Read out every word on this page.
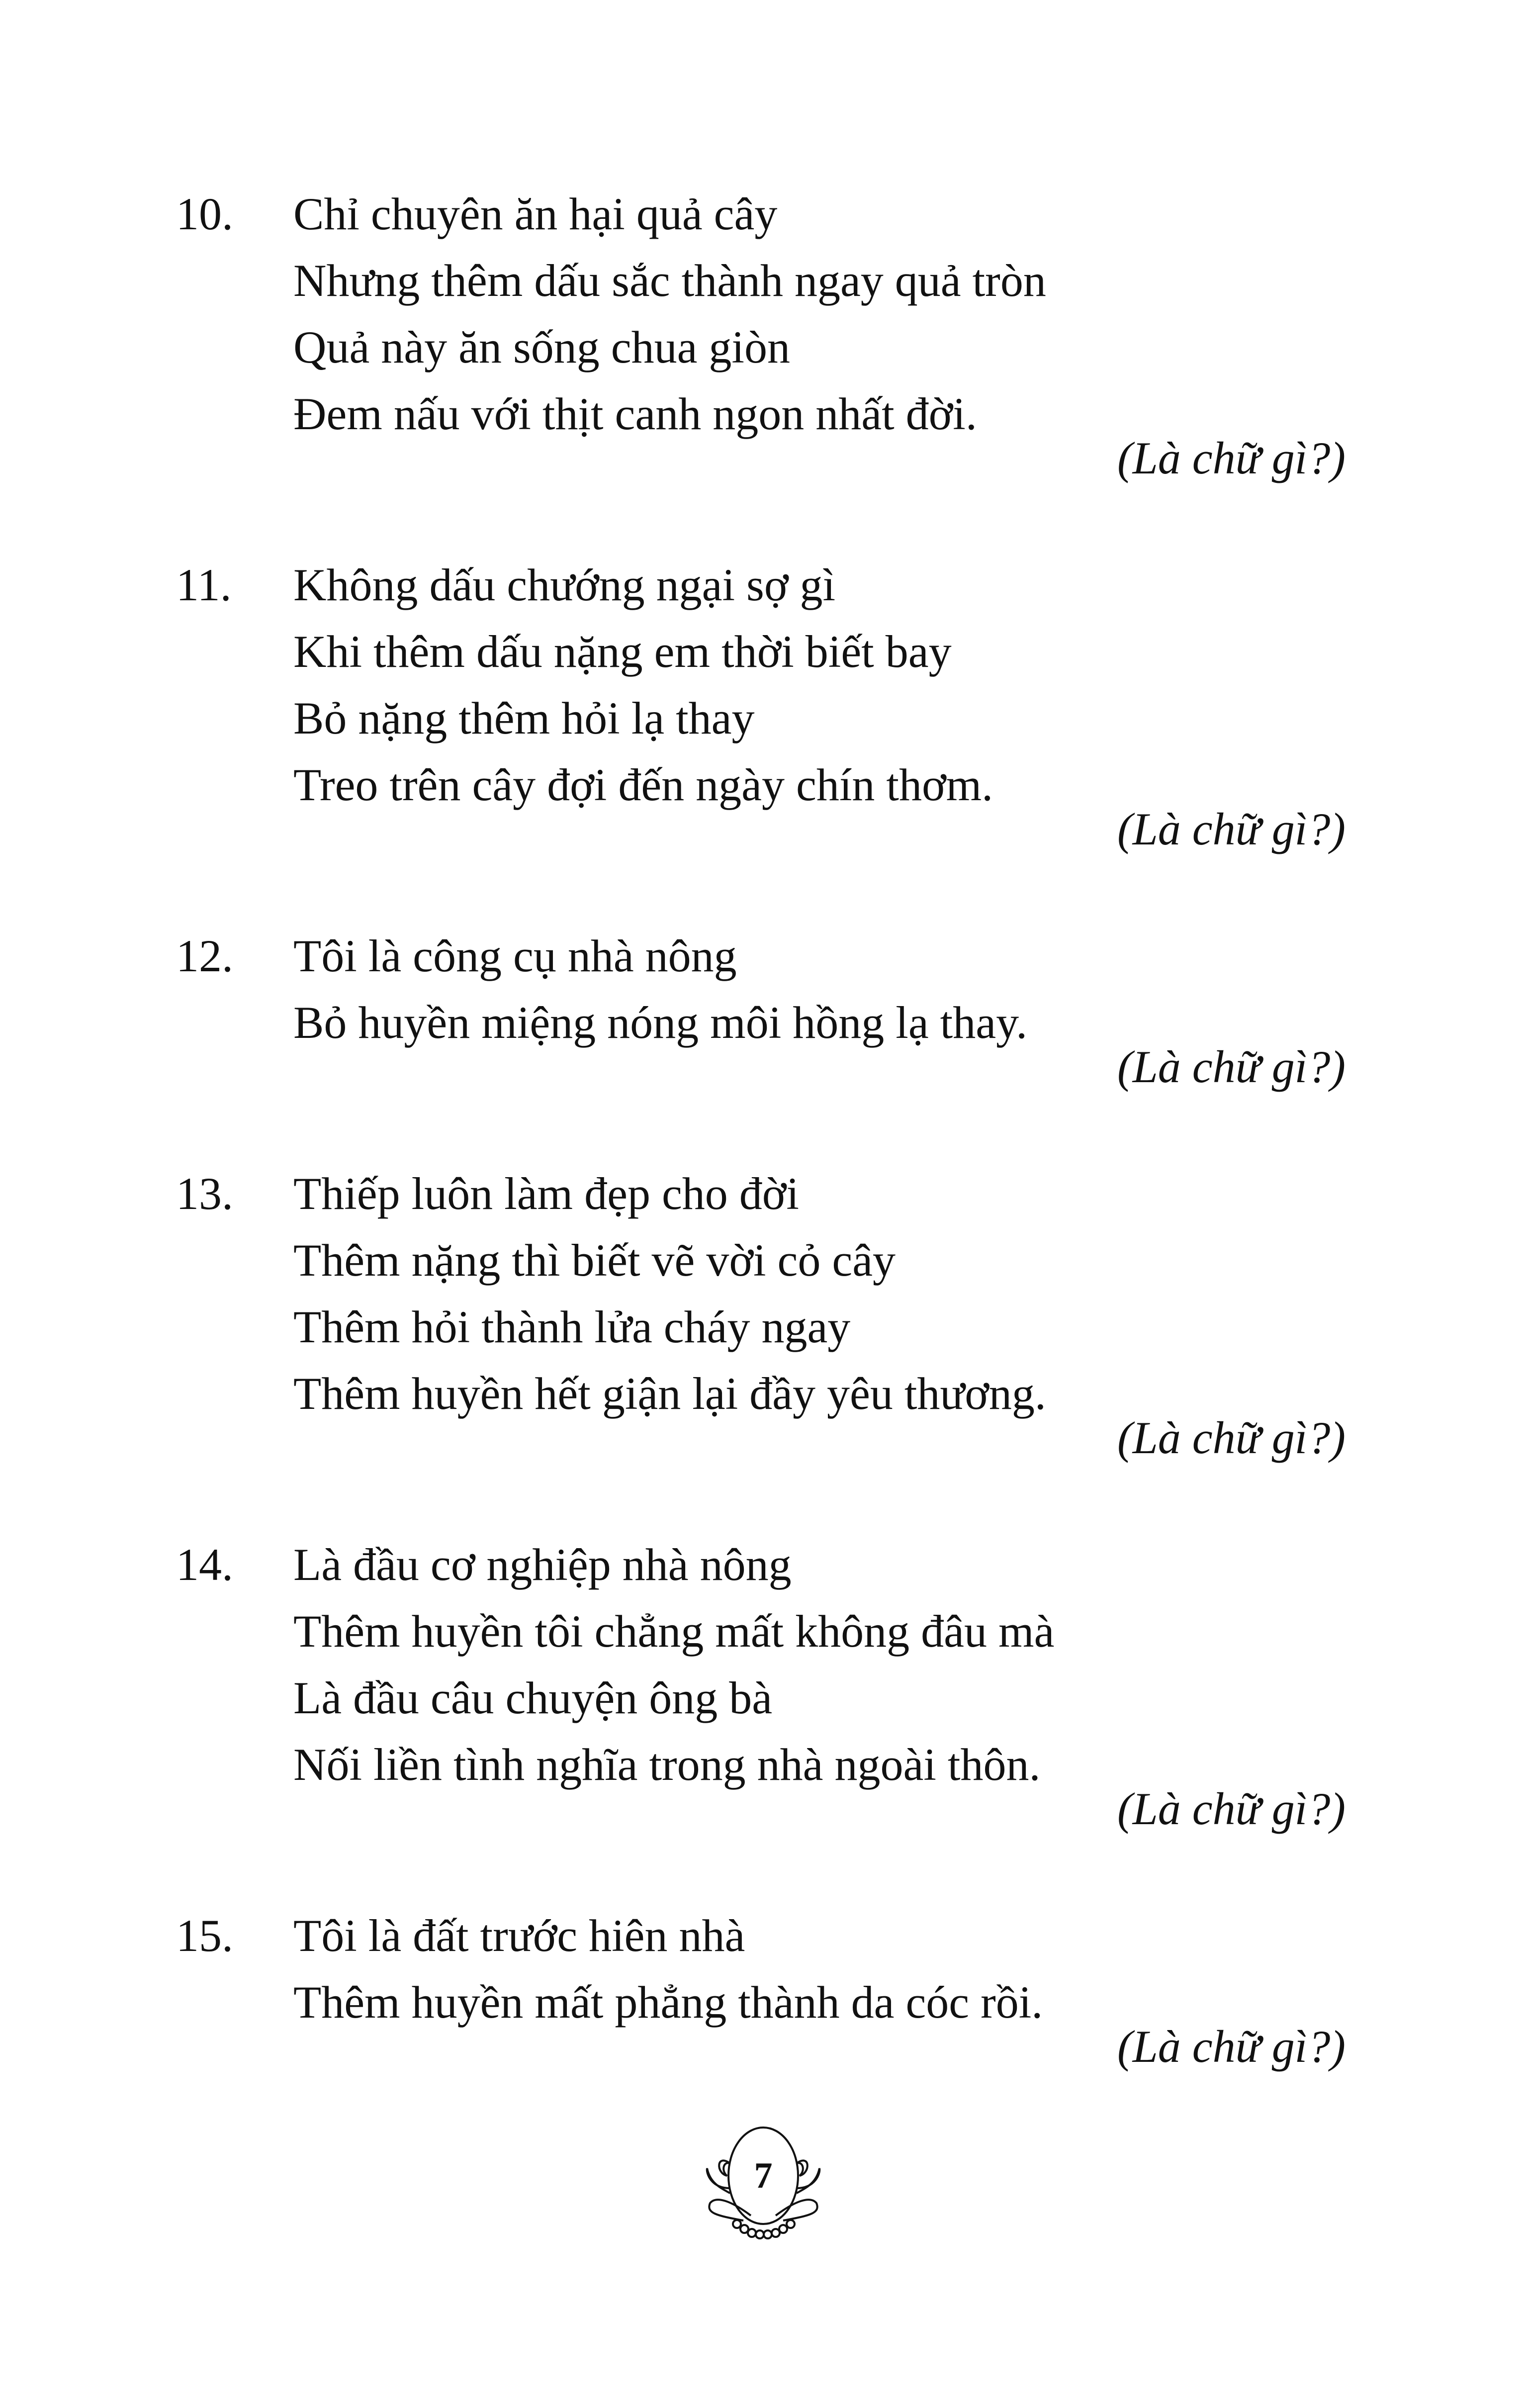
10. Chỉ chuyên ăn hại quả cây
Nhưng thêm dấu sắc thành ngay quả tròn
Quả này ăn sống chua giòn
Đem nấu với thịt canh ngon nhất đời.
(Là chữ gì?)
11. Không dấu chướng ngại sợ gì
Khi thêm dấu nặng em thời biết bay
Bỏ nặng thêm hỏi lạ thay
Treo trên cây đợi đến ngày chín thơm.
(Là chữ gì?)
12. Tôi là công cụ nhà nông
Bỏ huyền miệng nóng môi hồng lạ thay.
(Là chữ gì?)
13. Thiếp luôn làm đẹp cho đời
Thêm nặng thì biết vẽ vời cỏ cây
Thêm hỏi thành lửa cháy ngay
Thêm huyền hết giận lại đầy yêu thương.
(Là chữ gì?)
14. Là đầu cơ nghiệp nhà nông
Thêm huyền tôi chẳng mất không đâu mà
Là đầu câu chuyện ông bà
Nối liền tình nghĩa trong nhà ngoài thôn.
(Là chữ gì?)
15. Tôi là đất trước hiên nhà
Thêm huyền mất phẳng thành da cóc rồi.
(Là chữ gì?)
7
